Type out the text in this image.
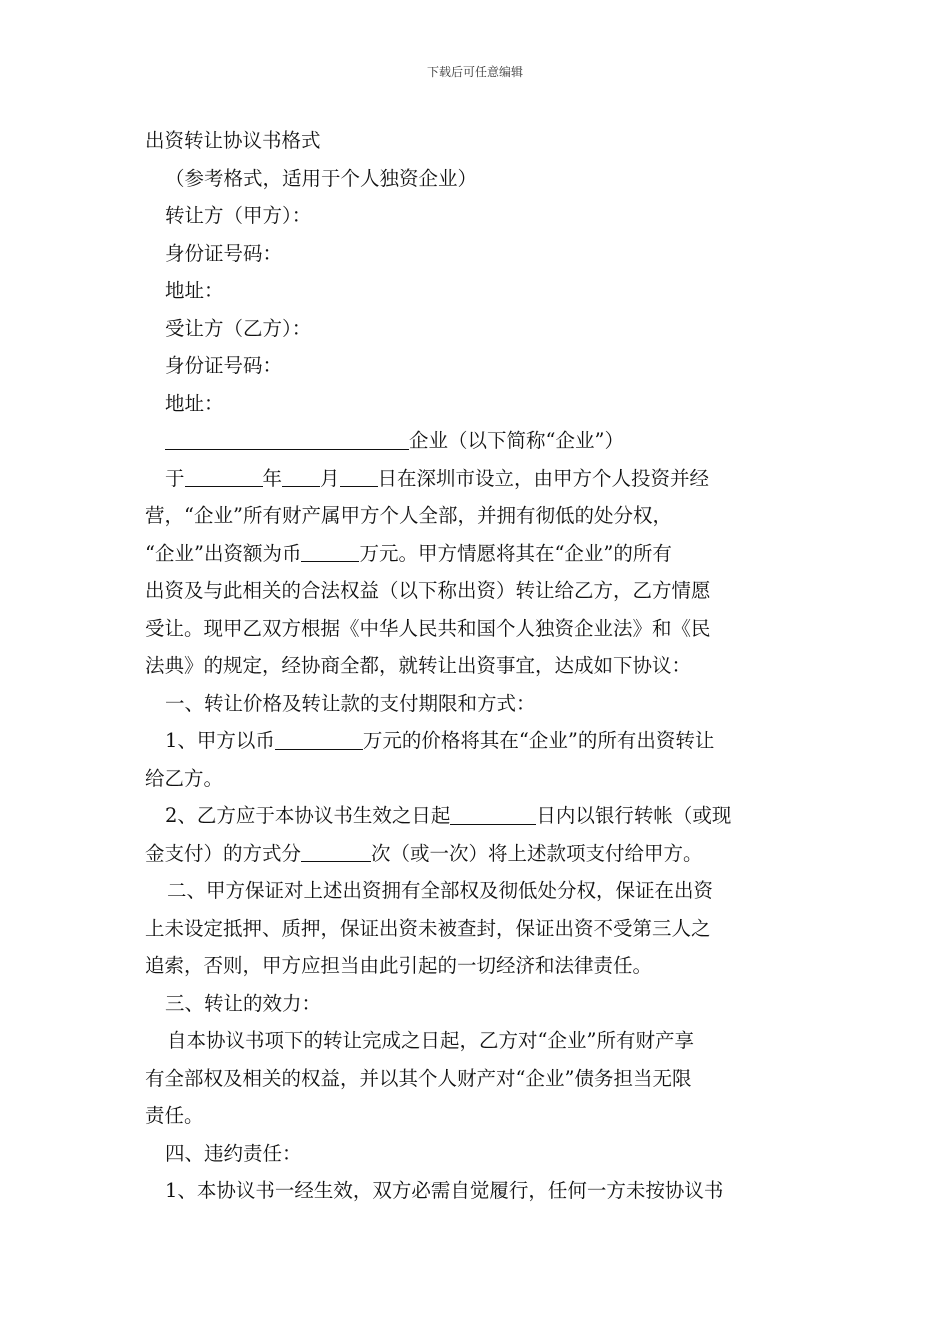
下载后可任意编辑
出资转让协议书格式
（参考格式，适用于个人独资企业）
转让方（甲方）：
身份证号码：
地址：
受让方（乙方）：
身份证号码：
地址：
企业（以下简称“企业”）
于	年 月 日在深圳市设立，由甲方个人投资并经
营，“企业”所有财产属甲方个人全部，并拥有彻低的处分权，
“企业”出资额为币	万元。甲方情愿将其在“企业”的所有
出资及与此相关的合法权益（以下称出资）转让给乙方，乙方情愿
受让。现甲乙双方根据《中华人民共和国个人独资企业法》和《民
法典》的规定，经协商全都，就转让出资事宜，达成如下协议：
一、转让价格及转让款的支付期限和方式：
1、甲方以币	万元的价格将其在“企业”的所有出资转让
给乙方。
2、乙方应于本协议书生效之日起	日内以银行转帐（或现
金支付）的方式分	次（或一次）将上述款项支付给甲方。
二、甲方保证对上述出资拥有全部权及彻低处分权，保证在出资
上未设定抵押、质押，保证出资未被查封，保证出资不受第三人之
追索，否则，甲方应担当由此引起的一切经济和法律责任。
三、转让的效力：
自本协议书项下的转让完成之日起，乙方对“企业”所有财产享
有全部权及相关的权益，并以其个人财产对“企业”债务担当无限
责任。
四、违约责任：
1、本协议书一经生效，双方必需自觉履行，任何一方未按协议书
